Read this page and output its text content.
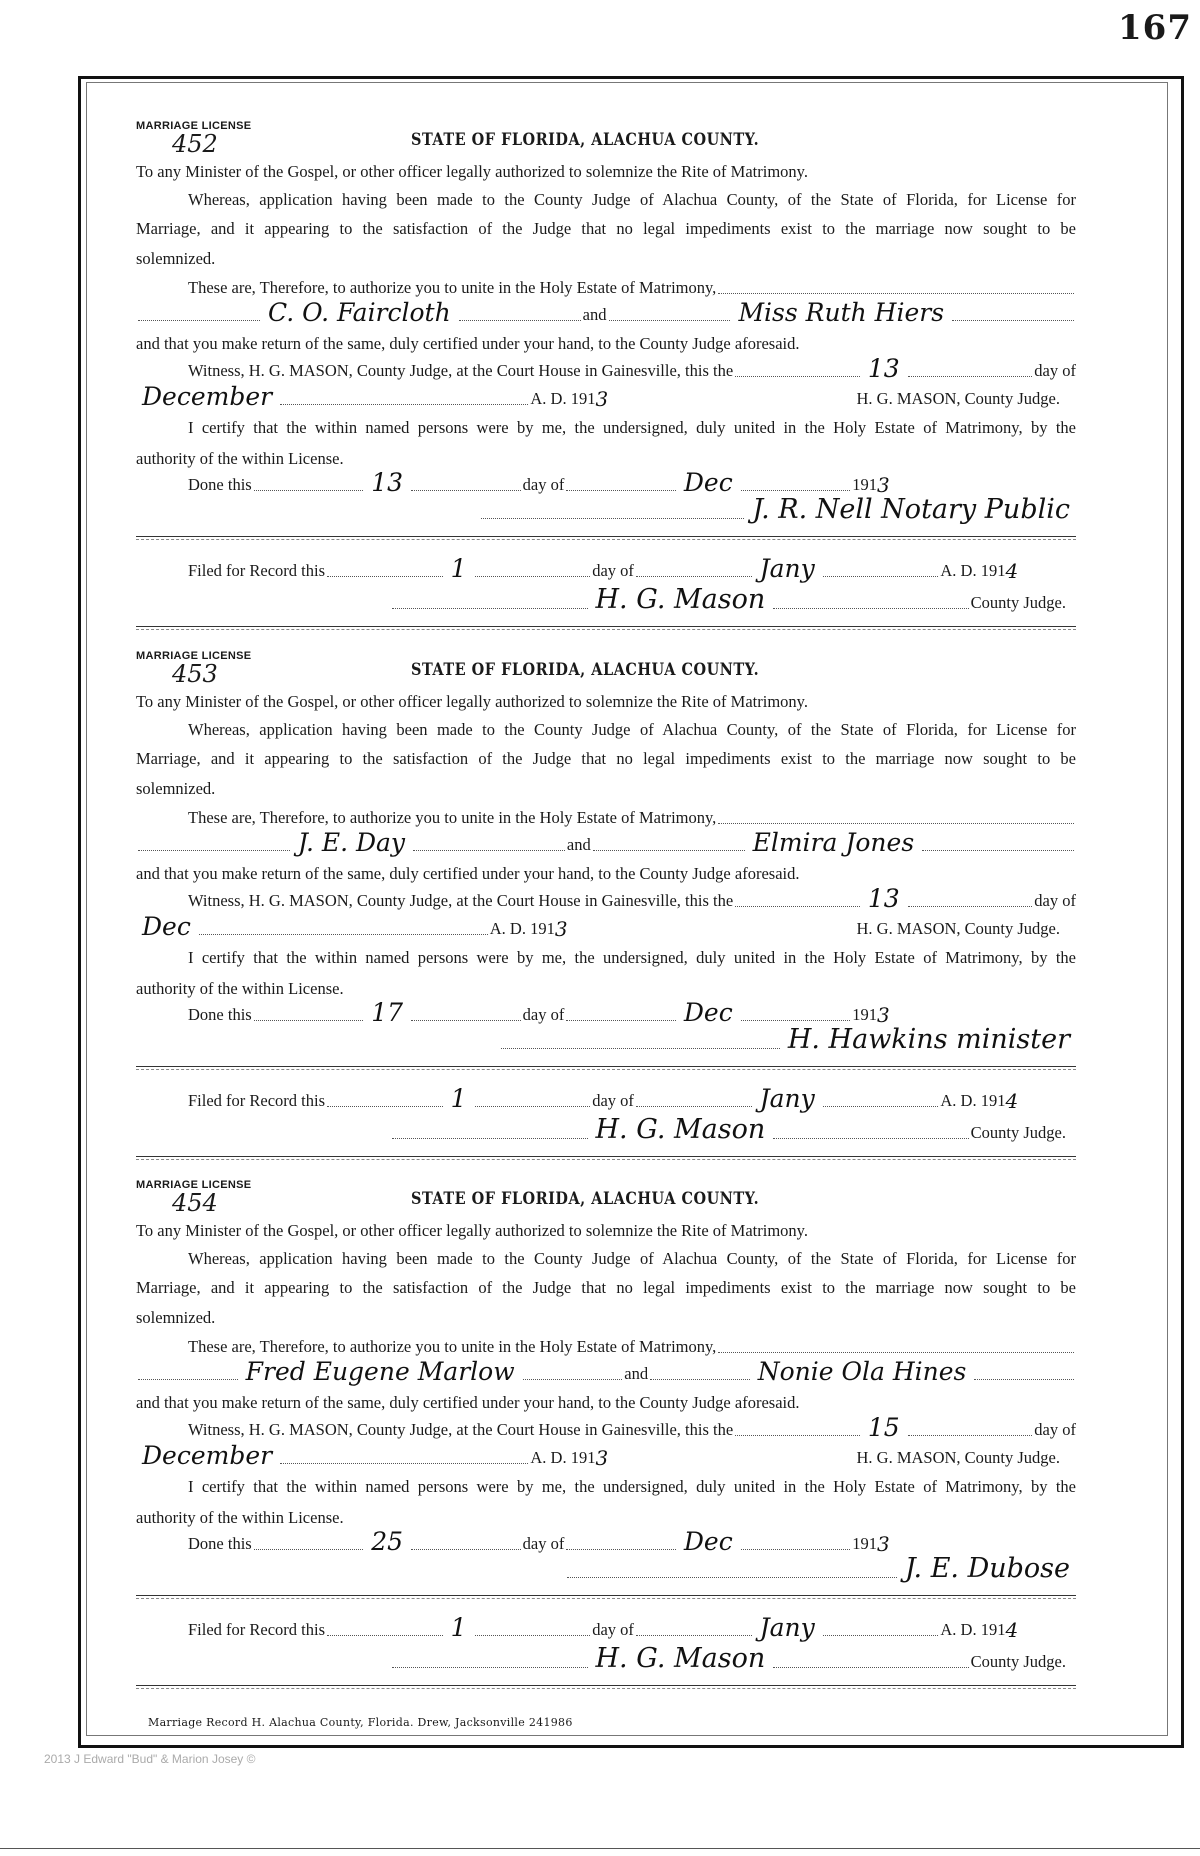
167
MARRIAGE LICENSE
452	STATE OF FLORIDA, ALACHUA COUNTY.
To any Minister of the Gospel, or other officer legally authorized to solemnize the Rite of Matrimony.
Whereas, application having been made to the County Judge of Alachua County, of the State of Florida, for License for
Marriage, and it appearing to the satisfaction of the Judge that no legal impediments exist to the marriage now sought to be
solemnized.
These are, Therefore, to authorize you to unite in the Holy Estate of Matrimony,
C. O. Faircloth	and	Miss Ruth Hiers
and that you make return of the same, duly certified under your hand, to the County Judge aforesaid.
Witness, H. G. MASON, County Judge, at the Court House in Gainesville, this the	13	day of
December	A. D. 191 3	H. G. MASON, County Judge.
I certify that the within named persons were by me, the undersigned, duly united in the Holy Estate of Matrimony, by the
authority of the within License.
Done this	13	day of	Dec	191 3
J. R. Nell Notary Public
Filed for Record this	1	day of	Jany	A. D. 191 4
H. G. Mason	County Judge.
MARRIAGE LICENSE
453	STATE OF FLORIDA, ALACHUA COUNTY.
To any Minister of the Gospel, or other officer legally authorized to solemnize the Rite of Matrimony.
Whereas, application having been made to the County Judge of Alachua County, of the State of Florida, for License for
Marriage, and it appearing to the satisfaction of the Judge that no legal impediments exist to the marriage now sought to be
solemnized.
These are, Therefore, to authorize you to unite in the Holy Estate of Matrimony,
J. E. Day	and	Elmira Jones
and that you make return of the same, duly certified under your hand, to the County Judge aforesaid.
Witness, H. G. MASON, County Judge, at the Court House in Gainesville, this the	13	day of
Dec	A. D. 191 3	H. G. MASON, County Judge.
I certify that the within named persons were by me, the undersigned, duly united in the Holy Estate of Matrimony, by the
authority of the within License.
Done this	17	day of	Dec	191 3
H. Hawkins minister
Filed for Record this	1	day of	Jany	A. D. 191 4
H. G. Mason	County Judge.
MARRIAGE LICENSE
454	STATE OF FLORIDA, ALACHUA COUNTY.
To any Minister of the Gospel, or other officer legally authorized to solemnize the Rite of Matrimony.
Whereas, application having been made to the County Judge of Alachua County, of the State of Florida, for License for
Marriage, and it appearing to the satisfaction of the Judge that no legal impediments exist to the marriage now sought to be
solemnized.
These are, Therefore, to authorize you to unite in the Holy Estate of Matrimony,
Fred Eugene Marlow	and	Nonie Ola Hines
and that you make return of the same, duly certified under your hand, to the County Judge aforesaid.
Witness, H. G. MASON, County Judge, at the Court House in Gainesville, this the	15	day of
December	A. D. 191 3	H. G. MASON, County Judge.
I certify that the within named persons were by me, the undersigned, duly united in the Holy Estate of Matrimony, by the
authority of the within License.
Done this	25	day of	Dec	191 3
J. E. Dubose
Filed for Record this	1	day of	Jany	A. D. 191 4
H. G. Mason	County Judge.
Marriage Record H. Alachua County, Florida. Drew, Jacksonville 241986
2013 J Edward "Bud" & Marion Josey ©
